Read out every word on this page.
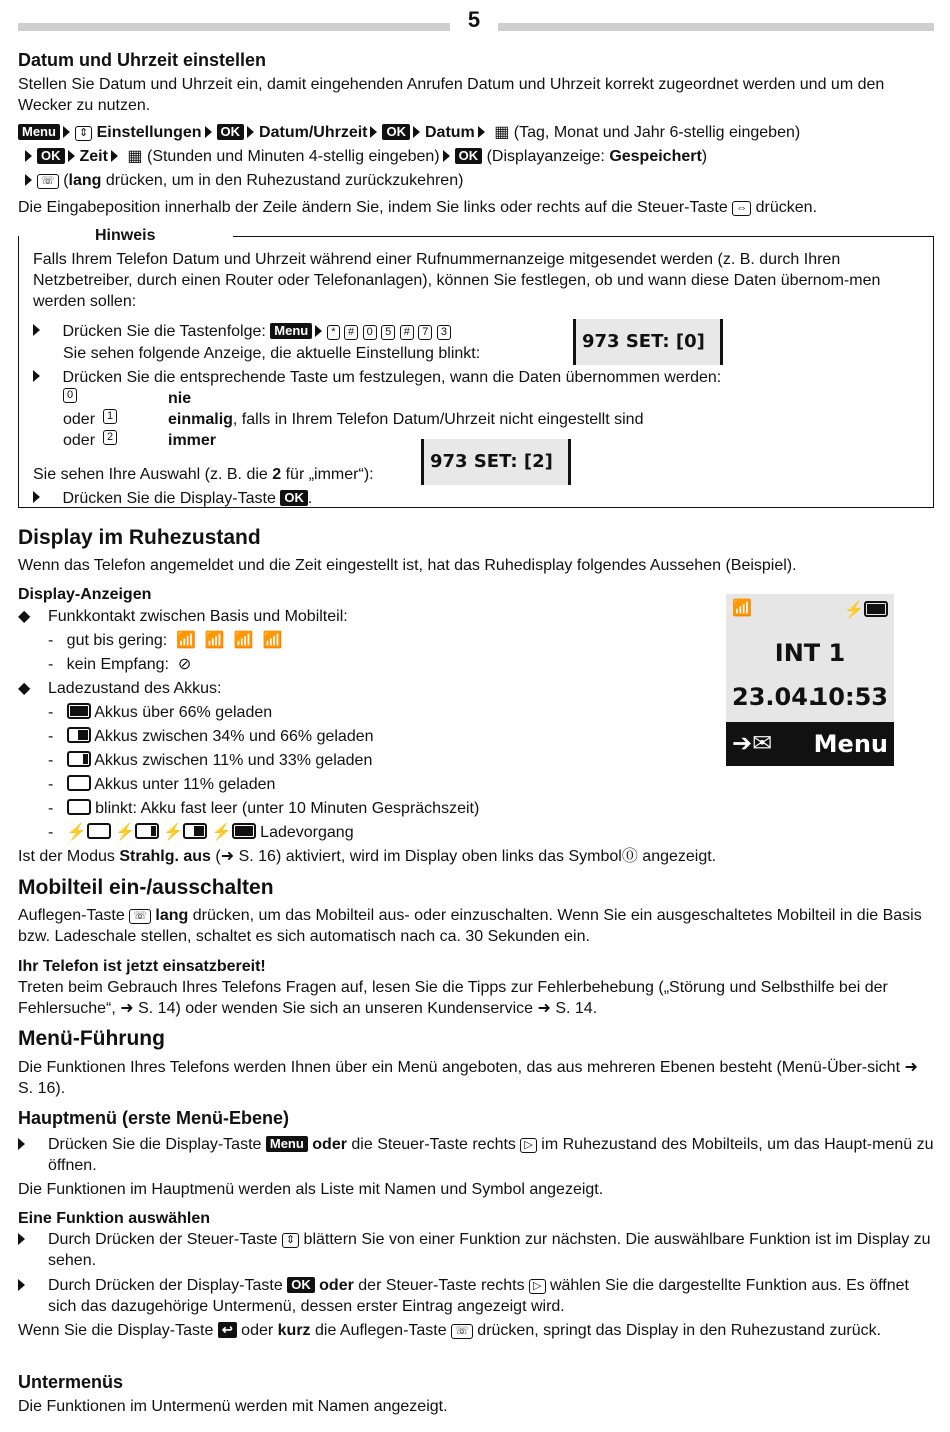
5
Datum und Uhrzeit einstellen

Stellen Sie Datum und Uhrzeit ein, damit eingehenden Anrufen Datum und Uhrzeit korrekt zugeordnet werden und um den Wecker zu nutzen.

Menu ⇕ Einstellungen OK Datum/Uhrzeit OK Datum ▦ (Tag, Monat und Jahr 6-stellig eingeben)
OK Zeit ▦ (Stunden und Minuten 4-stellig eingeben) OK (Displayanzeige: Gespeichert)
☏ (lang drücken, um in den Ruhezustand zurückzukehren)

Die Eingabeposition innerhalb der Zeile ändern Sie, indem Sie links oder rechts auf die Steuer-Taste ⇔ drücken.

Hinweis

Falls Ihrem Telefon Datum und Uhrzeit während einer Rufnummernanzeige mitgesendet werden (z. B. durch Ihren Netzbetreiber, durch einen Router oder Telefonanlagen), können Sie festlegen, ob und wann diese Daten übernom-men werden sollen:

Drücken Sie die Tastenfolge: Menu * # 0 5 # 7 3

Sie sehen folgende Anzeige, die aktuelle Einstellung blinkt:

973 SET: [0]
Drücken Sie die entsprechende Taste um festzulegen, wann die Daten übernommen werden:
0	nie
oder	1	einmalig, falls in Ihrem Telefon Datum/Uhrzeit nicht eingestellt sind
oder	2	immer

Sie sehen Ihre Auswahl (z. B. die 2 für „immer“):

973 SET: [2]
Drücken Sie die Display-Taste OK .
Display im Ruhezustand

Wenn das Telefon angemeldet und die Zeit eingestellt ist, hat das Ruhedisplay folgendes Aussehen (Beispiel).

Display-Anzeigen
◆ Funkkontakt zwischen Basis und Mobilteil:
-   gut bis gering: 📶  📶  📶  📶
-   kein Empfang: ⊘
◆ Ladezustand des Akkus:
-
Akkus über 66% geladen
-
Akkus zwischen 34% und 66% geladen
-
Akkus zwischen 11% und 33% geladen
-    Akkus unter 11% geladen
-    blinkt: Akku fast leer (unter 10 Minuten Gesprächszeit)
-   ⚡ ⚡
⚡
⚡ Ladevorgang

Ist der Modus Strahlg. aus (➜ S. 16) aktiviert, wird im Display oben links das Symbol⓪ angezeigt.

Mobilteil ein-/ausschalten

Auflegen-Taste ☏ lang drücken, um das Mobilteil aus- oder einzuschalten. Wenn Sie ein ausgeschaltetes Mobilteil in die Basis bzw. Ladeschale stellen, schaltet es sich automatisch nach ca. 30 Sekunden ein.

Ihr Telefon ist jetzt einsatzbereit!

Treten beim Gebrauch Ihres Telefons Fragen auf, lesen Sie die Tipps zur Fehlerbehebung („Störung und Selbsthilfe bei der Fehlersuche“, ➜ S. 14) oder wenden Sie sich an unseren Kundenservice ➜ S. 14.

Menü-Führung

Die Funktionen Ihres Telefons werden Ihnen über ein Menü angeboten, das aus mehreren Ebenen besteht (Menü-Über-sicht ➜ S. 16).

Hauptmenü (erste Menü-Ebene)

Drücken Sie die Display-Taste Menu oder die Steuer-Taste rechts ▷ im Ruhezustand des Mobilteils, um das Haupt-menü zu öffnen.

Die Funktionen im Hauptmenü werden als Liste mit Namen und Symbol angezeigt.

Eine Funktion auswählen

Durch Drücken der Steuer-Taste ⇕ blättern Sie von einer Funktion zur nächsten. Die auswählbare Funktion ist im Display zu sehen.

Durch Drücken der Display-Taste OK oder der Steuer-Taste rechts ▷ wählen Sie die dargestellte Funktion aus. Es öffnet sich das dazugehörige Untermenü, dessen erster Eintrag angezeigt wird.

Wenn Sie die Display-Taste ↩ oder kurz die Auflegen-Taste ☏ drücken, springt das Display in den Ruhezustand zurück.

Untermenüs

Die Funktionen im Untermenü werden mit Namen angezeigt.

📶	⚡
INT 1
23.04.
10:53
➔✉ Menu
